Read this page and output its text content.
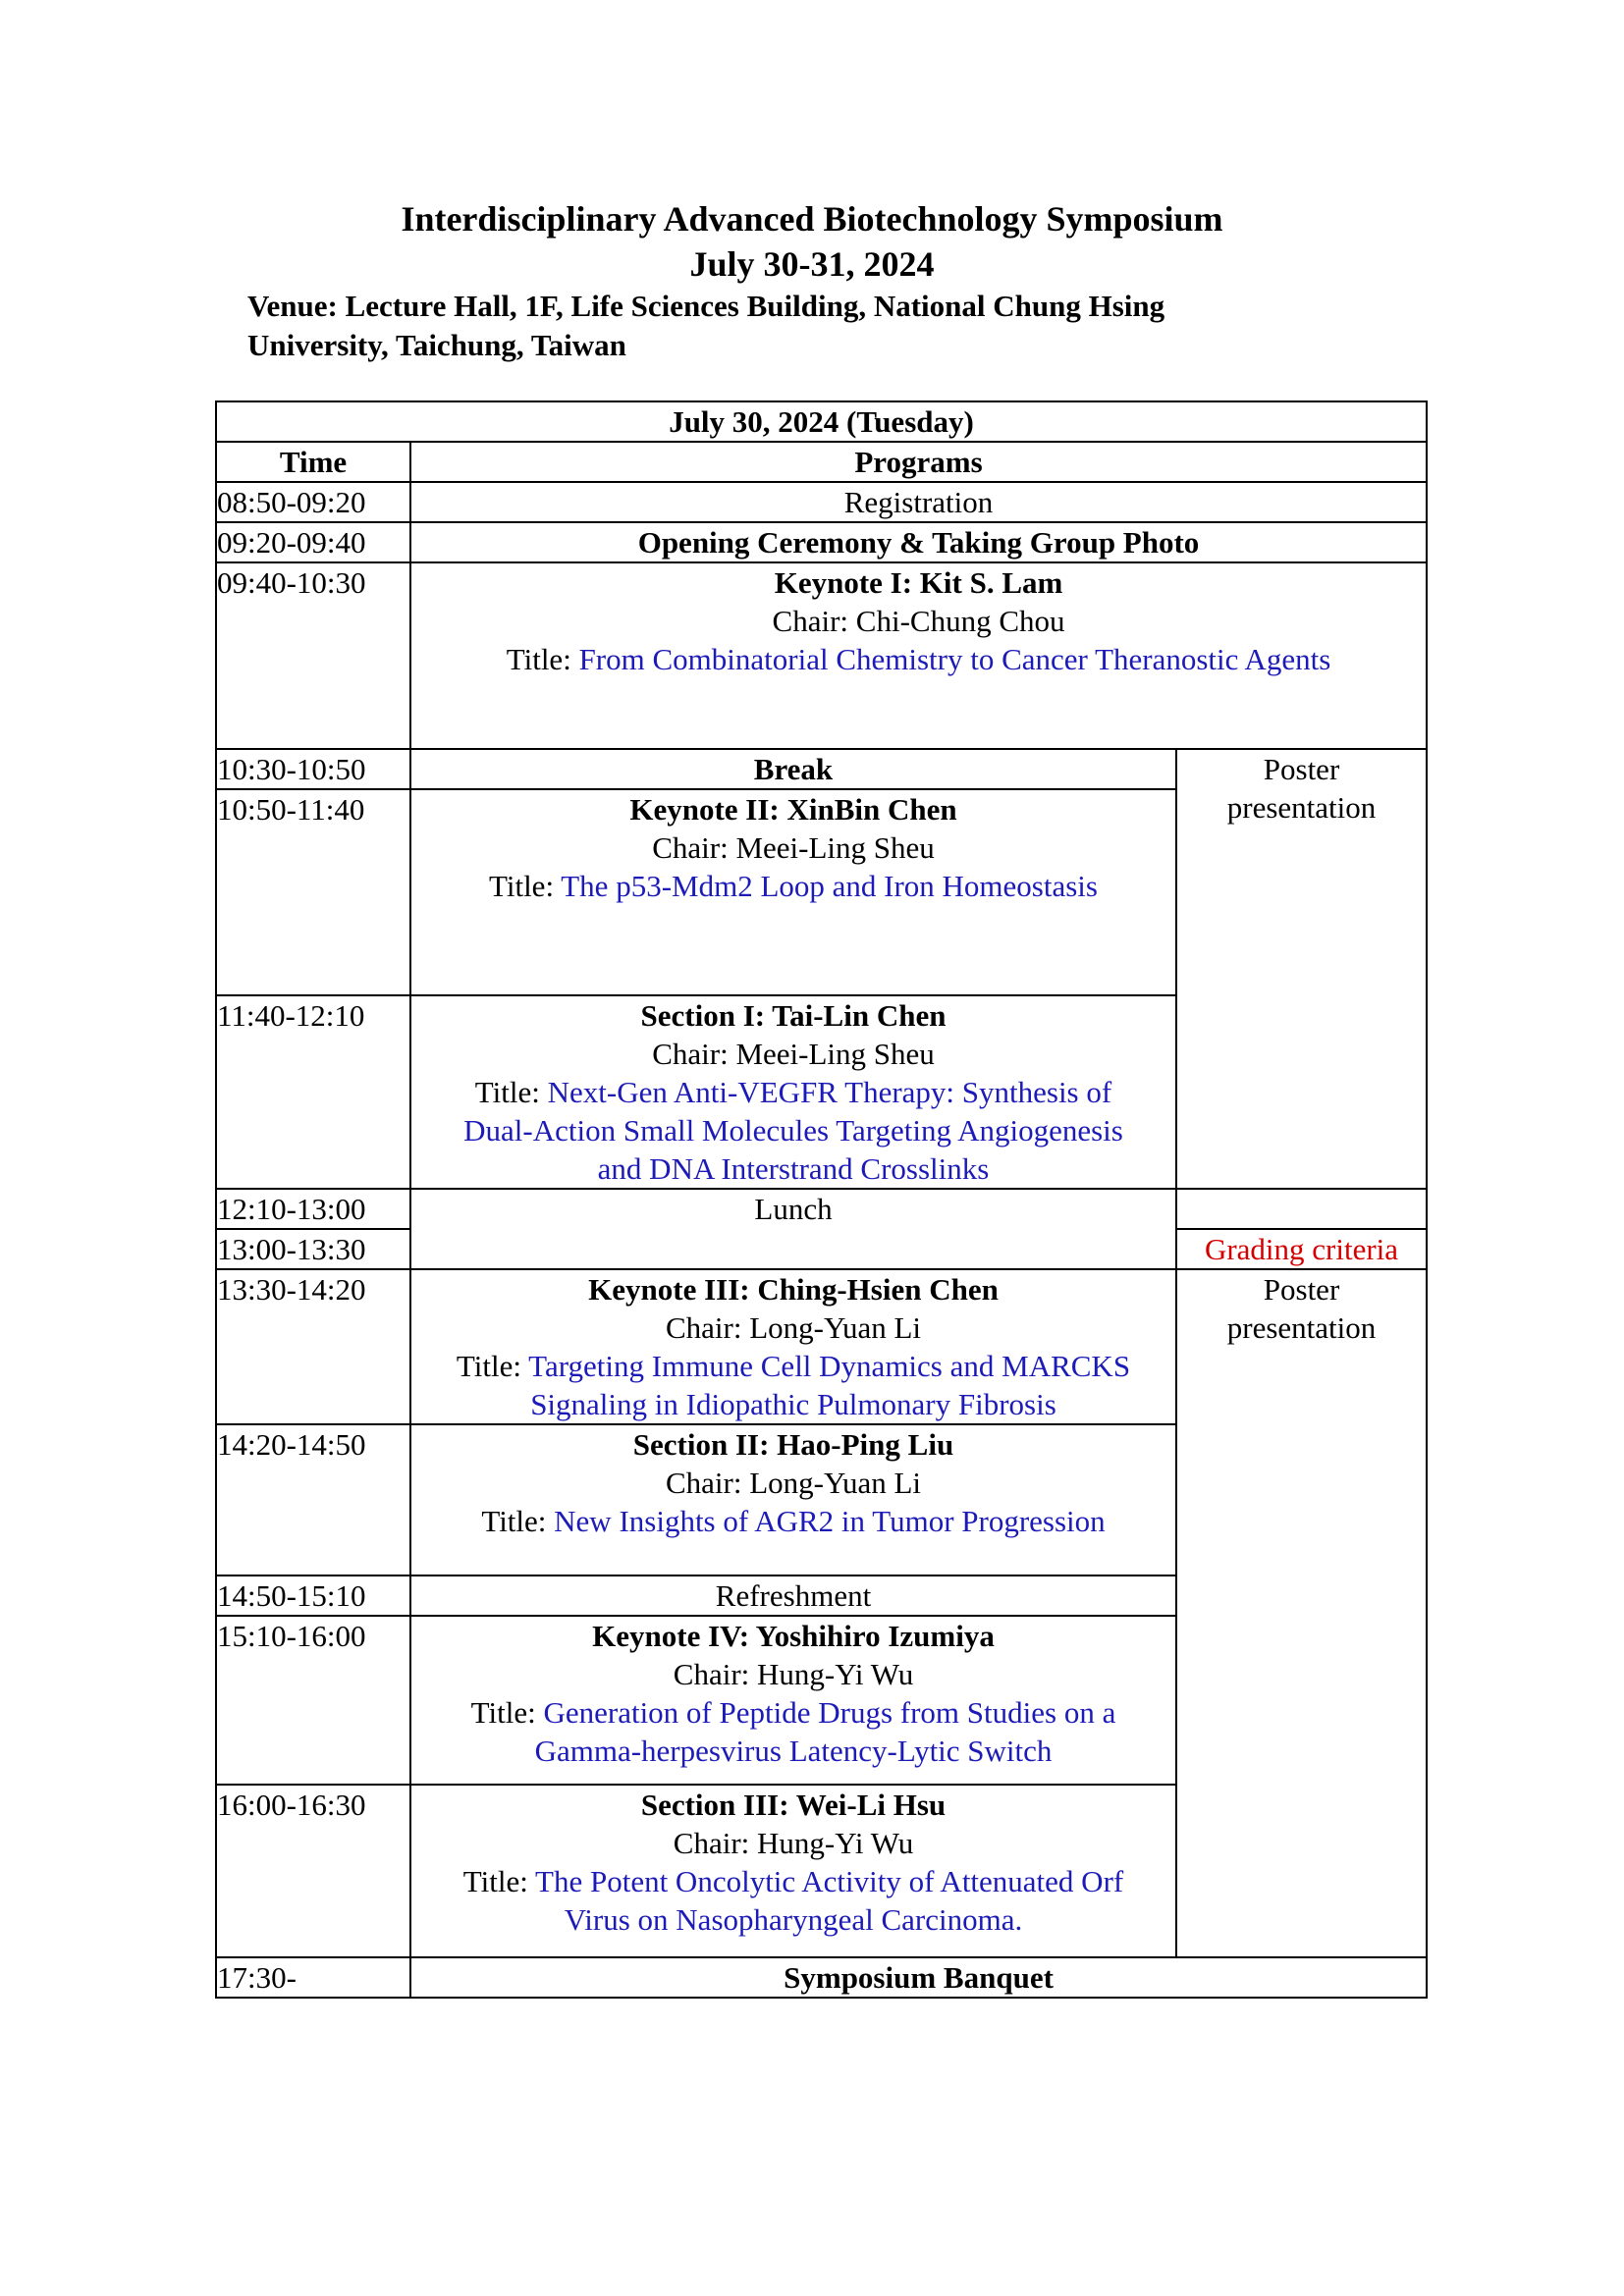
Interdisciplinary Advanced Biotechnology Symposium

July 30-31, 2024

Venue: Lecture Hall, 1F, Life Sciences Building, National Chung Hsing
University, Taichung, Taiwan
July 30, 2024 (Tuesday)		
Time	Programs	
08:50-09:20	Registration	
09:20-09:40	Opening Ceremony & Taking Group Photo	
09:40-10:30	Keynote I: Kit S. Lam
Chair: Chi-Chung Chou
Title: From Combinatorial Chemistry to Cancer Theranostic Agents	

10:30-10:50	Break	Poster
presentation

10:50-11:40	Keynote II: XinBin Chen
Chair: Meei-Ling Sheu
Title: The p53-Mdm2 Loop and Iron Homeostasis	

11:40-12:10	Section I: Tai-Lin Chen
Chair: Meei-Ling Sheu
Title: Next-Gen Anti-VEGFR Therapy: Synthesis of
Dual-Action Small Molecules Targeting Angiogenesis
and DNA Interstrand Crosslinks	

12:10-13:00	Lunch	
13:00-13:30		Grading criteria
13:30-14:20	Keynote III: Ching-Hsien Chen
Chair: Long-Yuan Li
Title: Targeting Immune Cell Dynamics and MARCKS
Signaling in Idiopathic Pulmonary Fibrosis	Poster
presentation

14:20-14:50	Section II: Hao-Ping Liu
Chair: Long-Yuan Li
Title: New Insights of AGR2 in Tumor Progression	

14:50-15:10	Refreshment	
15:10-16:00	Keynote IV: Yoshihiro Izumiya
Chair: Hung-Yi Wu
Title: Generation of Peptide Drugs from Studies on a
Gamma-herpesvirus Latency-Lytic Switch	

16:00-16:30	Section III: Wei-Li Hsu
Chair: Hung-Yi Wu
Title: The Potent Oncolytic Activity of Attenuated Orf
Virus on Nasopharyngeal Carcinoma.	

17:30-	Symposium Banquet	
